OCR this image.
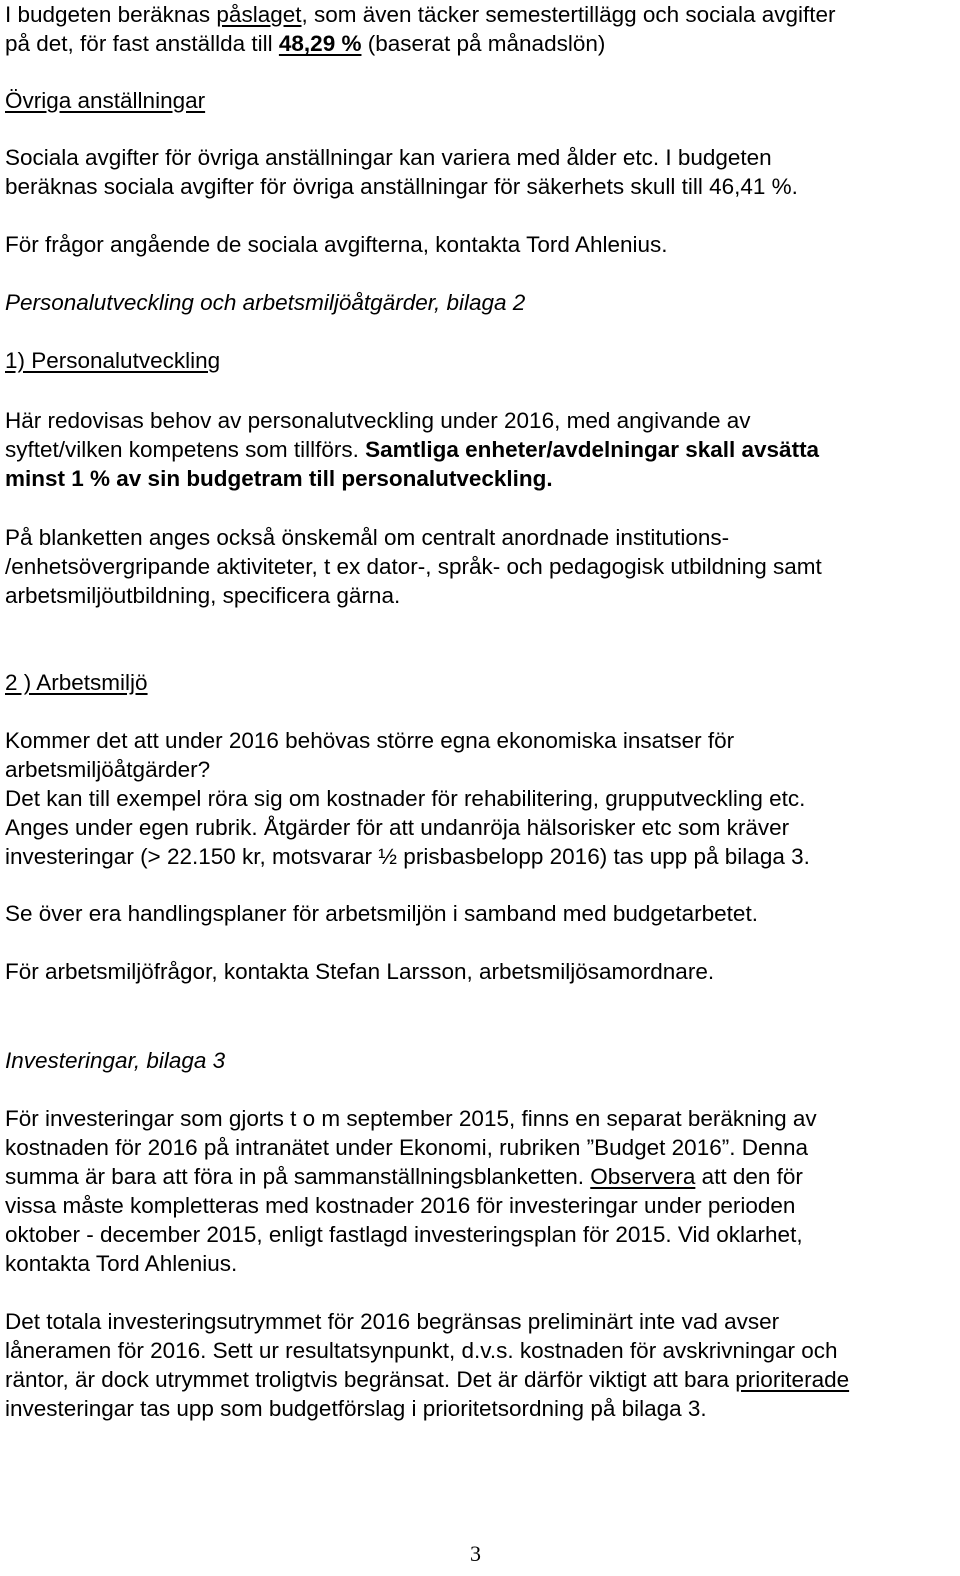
I budgeten beräknas påslaget, som även täcker semestertillägg och sociala avgifter
på det, för fast anställda till 48,29 % (baserat på månadslön)
Övriga anställningar
Sociala avgifter för övriga anställningar kan variera med ålder etc. I budgeten
beräknas sociala avgifter för övriga anställningar för säkerhets skull till 46,41 %.
För frågor angående de sociala avgifterna, kontakta Tord Ahlenius.
Personalutveckling och arbetsmiljöåtgärder, bilaga 2
1) Personalutveckling
Här redovisas behov av personalutveckling under 2016, med angivande av
syftet/vilken kompetens som tillförs. Samtliga enheter/avdelningar skall avsätta
minst 1 % av sin budgetram till personalutveckling.
På blanketten anges också önskemål om centralt anordnade institutions-
/enhetsövergripande aktiviteter, t ex dator-, språk- och pedagogisk utbildning samt
arbetsmiljöutbildning, specificera gärna.
2 ) Arbetsmiljö
Kommer det att under 2016 behövas större egna ekonomiska insatser för
arbetsmiljöåtgärder?
Det kan till exempel röra sig om kostnader för rehabilitering, grupputveckling etc.
Anges under egen rubrik. Åtgärder för att undanröja hälsorisker etc som kräver
investeringar (> 22.150 kr, motsvarar ½ prisbasbelopp 2016) tas upp på bilaga 3.
Se över era handlingsplaner för arbetsmiljön i samband med budgetarbetet.
För arbetsmiljöfrågor, kontakta Stefan Larsson, arbetsmiljösamordnare.
Investeringar, bilaga 3
För investeringar som gjorts t o m september 2015, finns en separat beräkning av
kostnaden för 2016 på intranätet under Ekonomi, rubriken ”Budget 2016”. Denna
summa är bara att föra in på sammanställningsblanketten. Observera att den för
vissa måste kompletteras med kostnader 2016 för investeringar under perioden
oktober - december 2015, enligt fastlagd investeringsplan för 2015. Vid oklarhet,
kontakta Tord Ahlenius.
Det totala investeringsutrymmet för 2016 begränsas preliminärt inte vad avser
låneramen för 2016. Sett ur resultatsynpunkt, d.v.s. kostnaden för avskrivningar och
räntor, är dock utrymmet troligtvis begränsat. Det är därför viktigt att bara prioriterade
investeringar tas upp som budgetförslag i prioritetsordning på bilaga 3.
3
